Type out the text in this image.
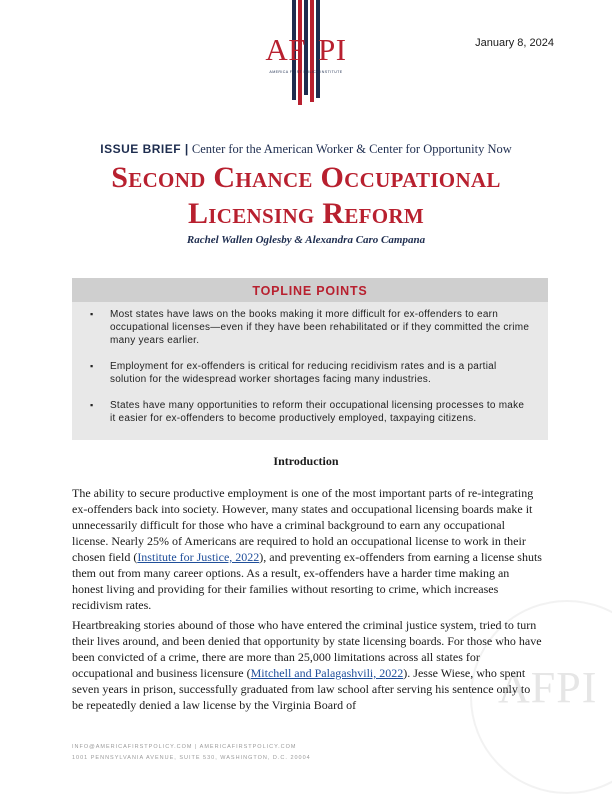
AF PI
AMERICA FIRST POLICY INSTITUTE
January 8, 2024
ISSUE BRIEF | Center for the American Worker & Center for Opportunity Now
Second Chance Occupational
Licensing Reform
Rachel Wallen Oglesby & Alexandra Caro Campana
TOPLINE POINTS
▪ Most states have laws on the books making it more difficult for ex-offenders to earn occupational licenses—even if they have been rehabilitated or if they committed the crime many years earlier.
▪ Employment for ex-offenders is critical for reducing recidivism rates and is a partial solution for the widespread worker shortages facing many industries.
▪ States have many opportunities to reform their occupational licensing processes to make it easier for ex-offenders to become productively employed, taxpaying citizens.
Introduction
AFPI
The ability to secure productive employment is one of the most important parts of re-integrating ex-offenders back into society. However, many states and occupational licensing boards make it unnecessarily difficult for those who have a criminal background to earn any occupational license. Nearly 25% of Americans are required to hold an occupational license to work in their chosen field (Institute for Justice, 2022), and preventing ex-offenders from earning a license shuts them out from many career options. As a result, ex-offenders have a harder time making an honest living and providing for their families without resorting to crime, which increases recidivism rates.
Heartbreaking stories abound of those who have entered the criminal justice system, tried to turn their lives around, and been denied that opportunity by state licensing boards. For those who have been convicted of a crime, there are more than 25,000 limitations across all states for occupational and business licensure (Mitchell and Palagashvili, 2022). Jesse Wiese, who spent seven years in prison, successfully graduated from law school after serving his sentence only to be repeatedly denied a law license by the Virginia Board of
INFO@AMERICAFIRSTPOLICY.COM | AMERICAFIRSTPOLICY.COM
1001 PENNSYLVANIA AVENUE, SUITE 530, WASHINGTON, D.C. 20004
